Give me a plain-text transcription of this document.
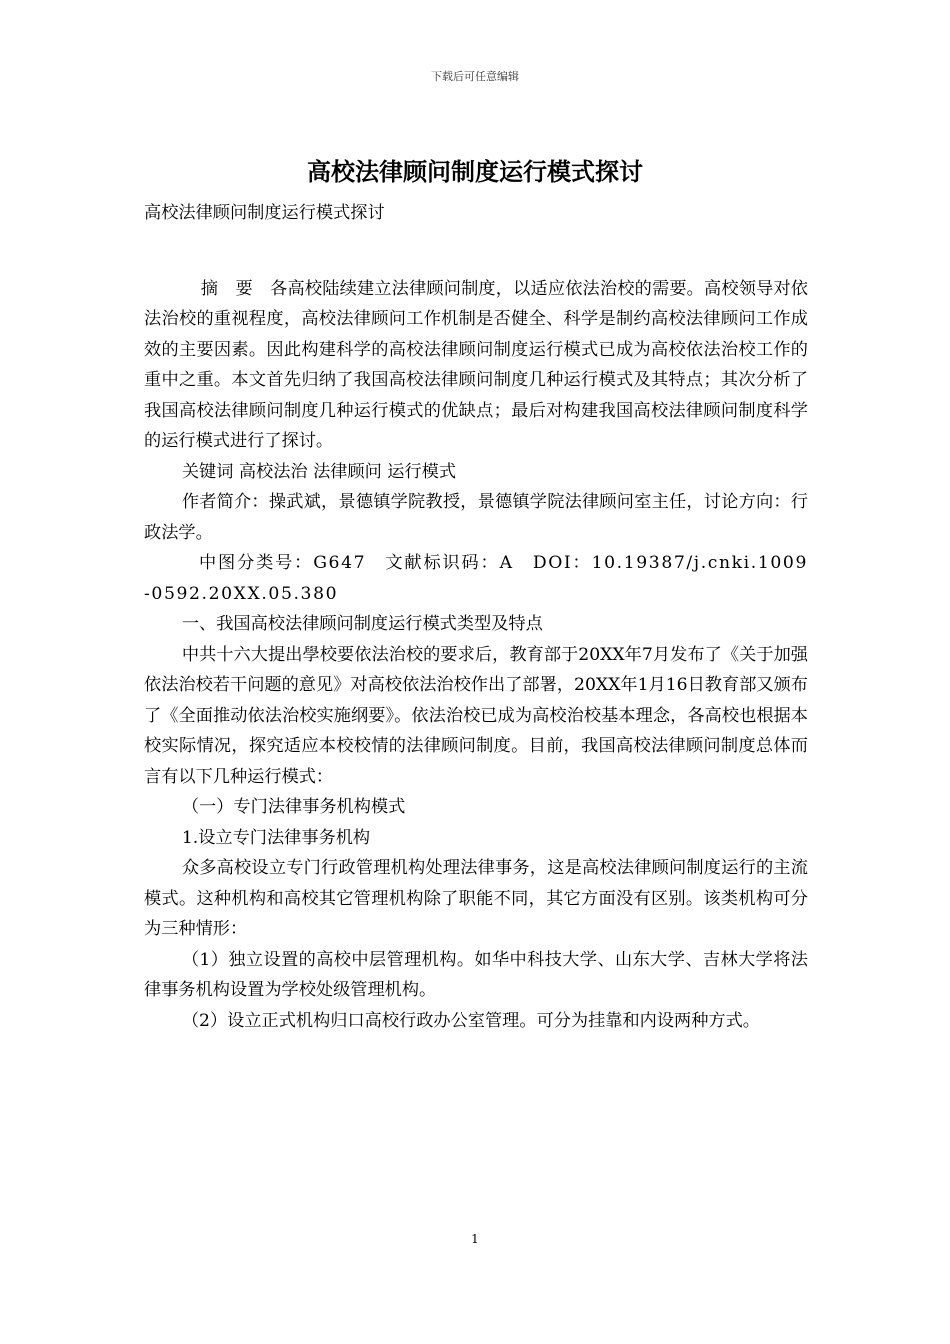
下载后可任意编辑
高校法律顾问制度运行模式探讨

高校法律顾问制度运行模式探讨

摘　要　各高校陆续建立法律顾问制度，以适应依法治校的需要。高校领导对依法治校的重视程度，高校法律顾问工作机制是否健全、科学是制约高校法律顾问工作成效的主要因素。因此构建科学的高校法律顾问制度运行模式已成为高校依法治校工作的重中之重。本文首先归纳了我国高校法律顾问制度几种运行模式及其特点；其次分析了我国高校法律顾问制度几种运行模式的优缺点；最后对构建我国高校法律顾问制度科学的运行模式进行了探讨。

关键词 高校法治 法律顾问 运行模式

作者简介：操武斌，景德镇学院教授，景德镇学院法律顾问室主任，讨论方向：行政法学。

中图分类号：G647　文献标识码：A　DOI：10.19387/j.cnki.1009-0592.20XX.05.380

一、我国高校法律顾问制度运行模式类型及特点

中共十六大提出學校要依法治校的要求后，教育部于20XX年7月发布了《关于加强依法治校若干问题的意见》对高校依法治校作出了部署，20XX年1月16日教育部又颁布了《全面推动依法治校实施纲要》。依法治校已成为高校治校基本理念，各高校也根据本校实际情况，探究适应本校校情的法律顾问制度。目前，我国高校法律顾问制度总体而言有以下几种运行模式：

（一）专门法律事务机构模式

1.设立专门法律事务机构

众多高校设立专门行政管理机构处理法律事务，这是高校法律顾问制度运行的主流模式。这种机构和高校其它管理机构除了职能不同，其它方面没有区别。该类机构可分为三种情形：

（1）独立设置的高校中层管理机构。如华中科技大学、山东大学、吉林大学将法律事务机构设置为学校处级管理机构。

（2）设立正式机构归口高校行政办公室管理。可分为挂靠和内设两种方式。

1
